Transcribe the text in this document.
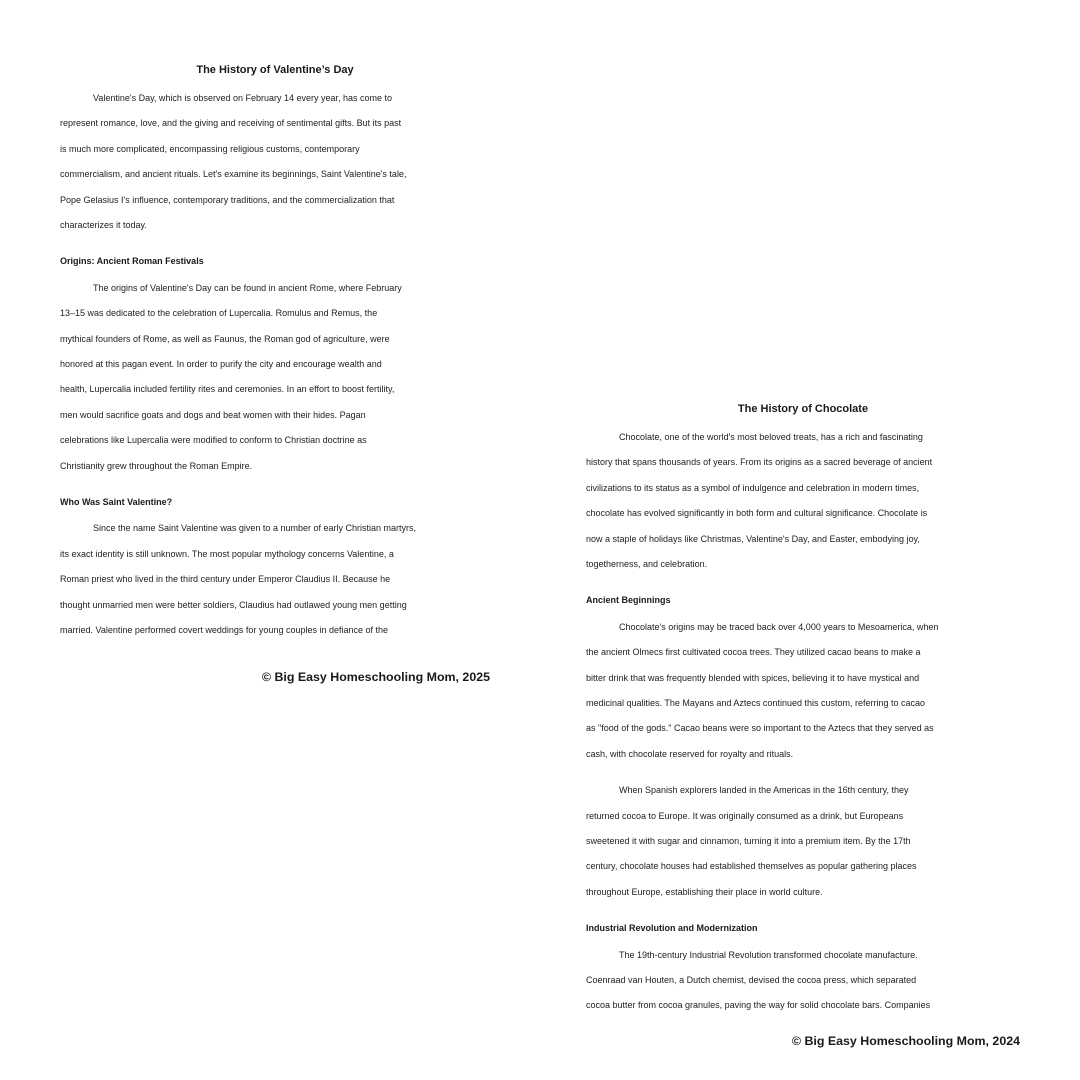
The History of Valentine’s Day
© Big Easy Homeschooling Mom, 2025
Valentine's Day, which is observed on February 14 every year, has come to
represent romance, love, and the giving and receiving of sentimental gifts. But its past
is much more complicated, encompassing religious customs, contemporary
commercialism, and ancient rituals. Let's examine its beginnings, Saint Valentine's tale,
Pope Gelasius I's influence, contemporary traditions, and the commercialization that
characterizes it today.
Origins: Ancient Roman Festivals
The origins of Valentine's Day can be found in ancient Rome, where February
13–15 was dedicated to the celebration of Lupercalia. Romulus and Remus, the
mythical founders of Rome, as well as Faunus, the Roman god of agriculture, were
honored at this pagan event. In order to purify the city and encourage wealth and
health, Lupercalia included fertility rites and ceremonies. In an effort to boost fertility,
men would sacrifice goats and dogs and beat women with their hides. Pagan
celebrations like Lupercalia were modified to conform to Christian doctrine as
Christianity grew throughout the Roman Empire.
Who Was Saint Valentine?
Since the name Saint Valentine was given to a number of early Christian martyrs,
its exact identity is still unknown. The most popular mythology concerns Valentine, a
Roman priest who lived in the third century under Emperor Claudius II. Because he
thought unmarried men were better soldiers, Claudius had outlawed young men getting
married. Valentine performed covert weddings for young couples in defiance of the
The History of Chocolate
© Big Easy Homeschooling Mom, 2024
Chocolate, one of the world's most beloved treats, has a rich and fascinating
history that spans thousands of years. From its origins as a sacred beverage of ancient
civilizations to its status as a symbol of indulgence and celebration in modern times,
chocolate has evolved significantly in both form and cultural significance. Chocolate is
now a staple of holidays like Christmas, Valentine's Day, and Easter, embodying joy,
togetherness, and celebration.
Ancient Beginnings
Chocolate's origins may be traced back over 4,000 years to Mesoamerica, when
the ancient Olmecs first cultivated cocoa trees. They utilized cacao beans to make a
bitter drink that was frequently blended with spices, believing it to have mystical and
medicinal qualities. The Mayans and Aztecs continued this custom, referring to cacao
as "food of the gods." Cacao beans were so important to the Aztecs that they served as
cash, with chocolate reserved for royalty and rituals.
When Spanish explorers landed in the Americas in the 16th century, they
returned cocoa to Europe. It was originally consumed as a drink, but Europeans
sweetened it with sugar and cinnamon, turning it into a premium item. By the 17th
century, chocolate houses had established themselves as popular gathering places
throughout Europe, establishing their place in world culture.
Industrial Revolution and Modernization
The 19th-century Industrial Revolution transformed chocolate manufacture.
Coenraad van Houten, a Dutch chemist, devised the cocoa press, which separated
cocoa butter from cocoa granules, paving the way for solid chocolate bars. Companies
